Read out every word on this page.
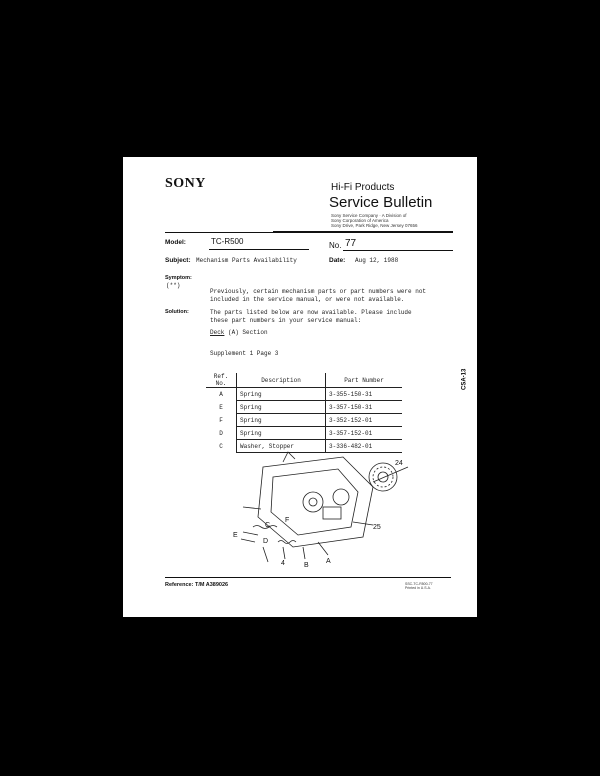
SONY	Hi-Fi Products
Service Bulletin
Sony Service Company · A Division of
Sony Corporation of America
Sony Drive, Park Ridge, New Jersey 07656
Model:	TC-R500	No. 77
Subject: Mechanism Parts Availability	Date: Aug 12, 1988
Symptom:
(**)
Previously, certain mechanism parts or part numbers were not
included in the service manual, or were not available.
Solution:	The parts listed below are now available. Please include
these part numbers in your service manual:
Deck (A) Section
Supplement 1 Page 3
Ref. No.	Description	Part Number
A	Spring	3-355-150-31
E	Spring	3-357-150-31
F	Spring	3-352-152-01
D	Spring	3-357-152-01
C	Washer, Stopper	3-336-482-01
24
25
A
B
C
D
E
F
4
Reference: T/M A389026	SSC-TC-R500-77
Printed in U.S.A.
CSA-13
Tape Deck
